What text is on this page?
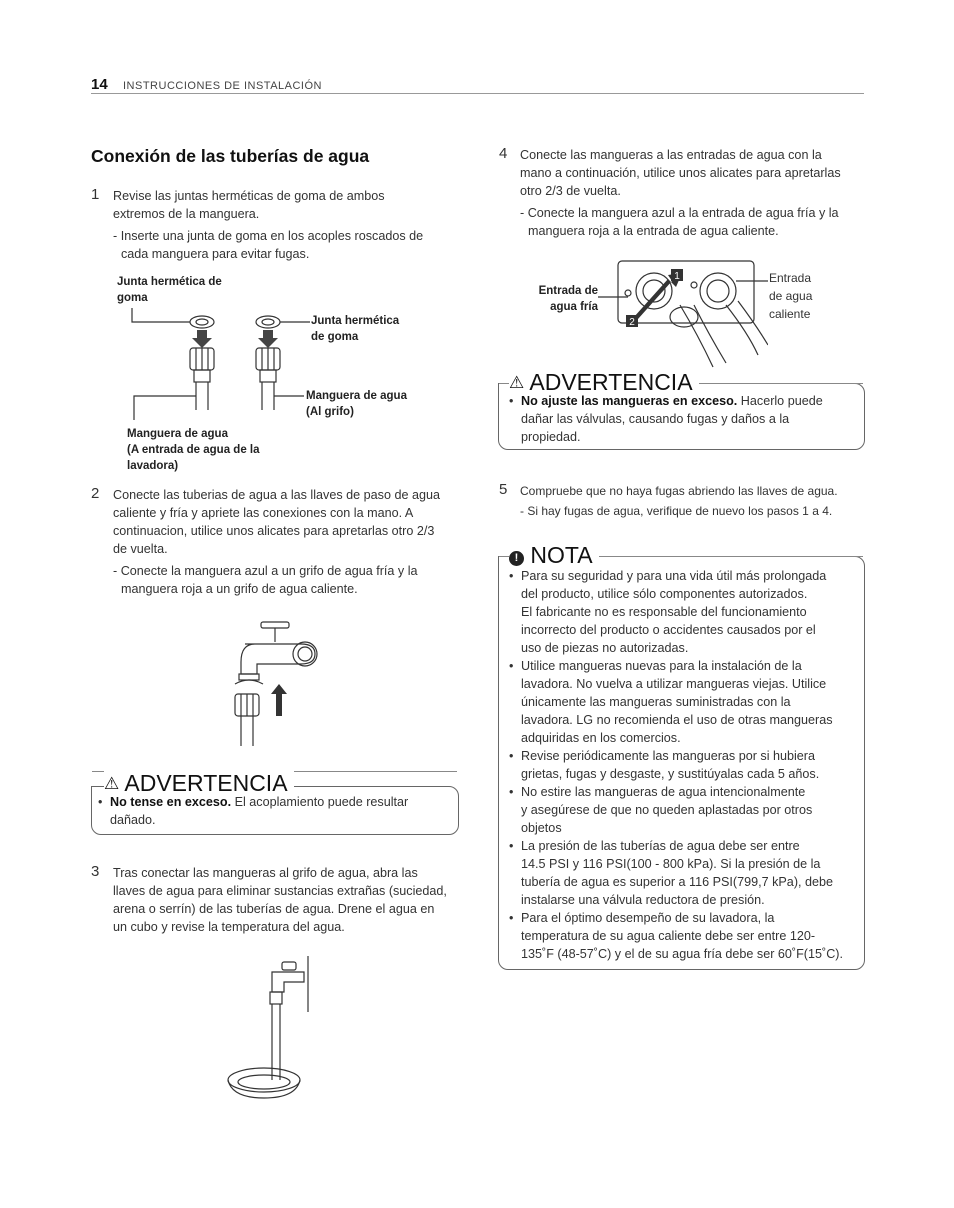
14 INSTRUCCIONES DE INSTALACIÓN
Conexión de las tuberías de agua
1 Revise las juntas herméticas de goma de ambos
extremos de la manguera.
- Inserte una junta de goma en los acoples roscados de
cada manguera para evitar fugas.
Junta hermética de
goma
Junta hermética
de goma
Manguera de agua
(Al grifo)
Manguera de agua
(A entrada de agua de la
lavadora)
2 Conecte las tuberias de agua a las llaves de paso de agua
caliente y fría y apriete las conexiones con la mano. A
continuacion, utilice unos alicates para apretarlas otro 2/3
de vuelta.
- Conecte la manguera azul a un grifo de agua fría y la
manguera roja a un grifo de agua caliente.
⚠ ADVERTENCIA
• No tense en exceso. El acoplamiento puede resultar
dañado.
3 Tras conectar las mangueras al grifo de agua, abra las
llaves de agua para eliminar sustancias extrañas (suciedad,
arena o serrín) de las tuberías de agua. Drene el agua en
un cubo y revise la temperatura del agua.
4 Conecte las mangueras a las entradas de agua con la
mano a continuación, utilice unos alicates para apretarlas
otro 2/3 de vuelta.
- Conecte la manguera azul a la entrada de agua fría y la
manguera roja a la entrada de agua caliente.
Entrada de
agua fría
Entrada
de agua
caliente
1
2
⚠ ADVERTENCIA
• No ajuste las mangueras en exceso. Hacerlo puede
dañar las válvulas, causando fugas y daños a la
propiedad.
5 Compruebe que no haya fugas abriendo las llaves de agua.
- Si hay fugas de agua, verifique de nuevo los pasos 1 a 4.
! NOTA
• Para su seguridad y para una vida útil más prolongada
del producto, utilice sólo componentes autorizados.
El fabricante no es responsable del funcionamiento
incorrecto del producto o accidentes causados por el
uso de piezas no autorizadas.
• Utilice mangueras nuevas para la instalación de la
lavadora. No vuelva a utilizar mangueras viejas. Utilice
únicamente las mangueras suministradas con la
lavadora. LG no recomienda el uso de otras mangueras
adquiridas en los comercios.
• Revise periódicamente las mangueras por si hubiera
grietas, fugas y desgaste, y sustitúyalas cada 5 años.
• No estire las mangueras de agua intencionalmente
y asegúrese de que no queden aplastadas por otros
objetos
• La presión de las tuberías de agua debe ser entre
14.5 PSI y 116 PSI(100 - 800 kPa). Si la presión de la
tubería de agua es superior a 116 PSI(799,7 kPa), debe
instalarse una válvula reductora de presión.
• Para el óptimo desempeño de su lavadora, la
temperatura de su agua caliente debe ser entre 120-
135˚F (48-57˚C) y el de su agua fría debe ser 60˚F(15˚C).
